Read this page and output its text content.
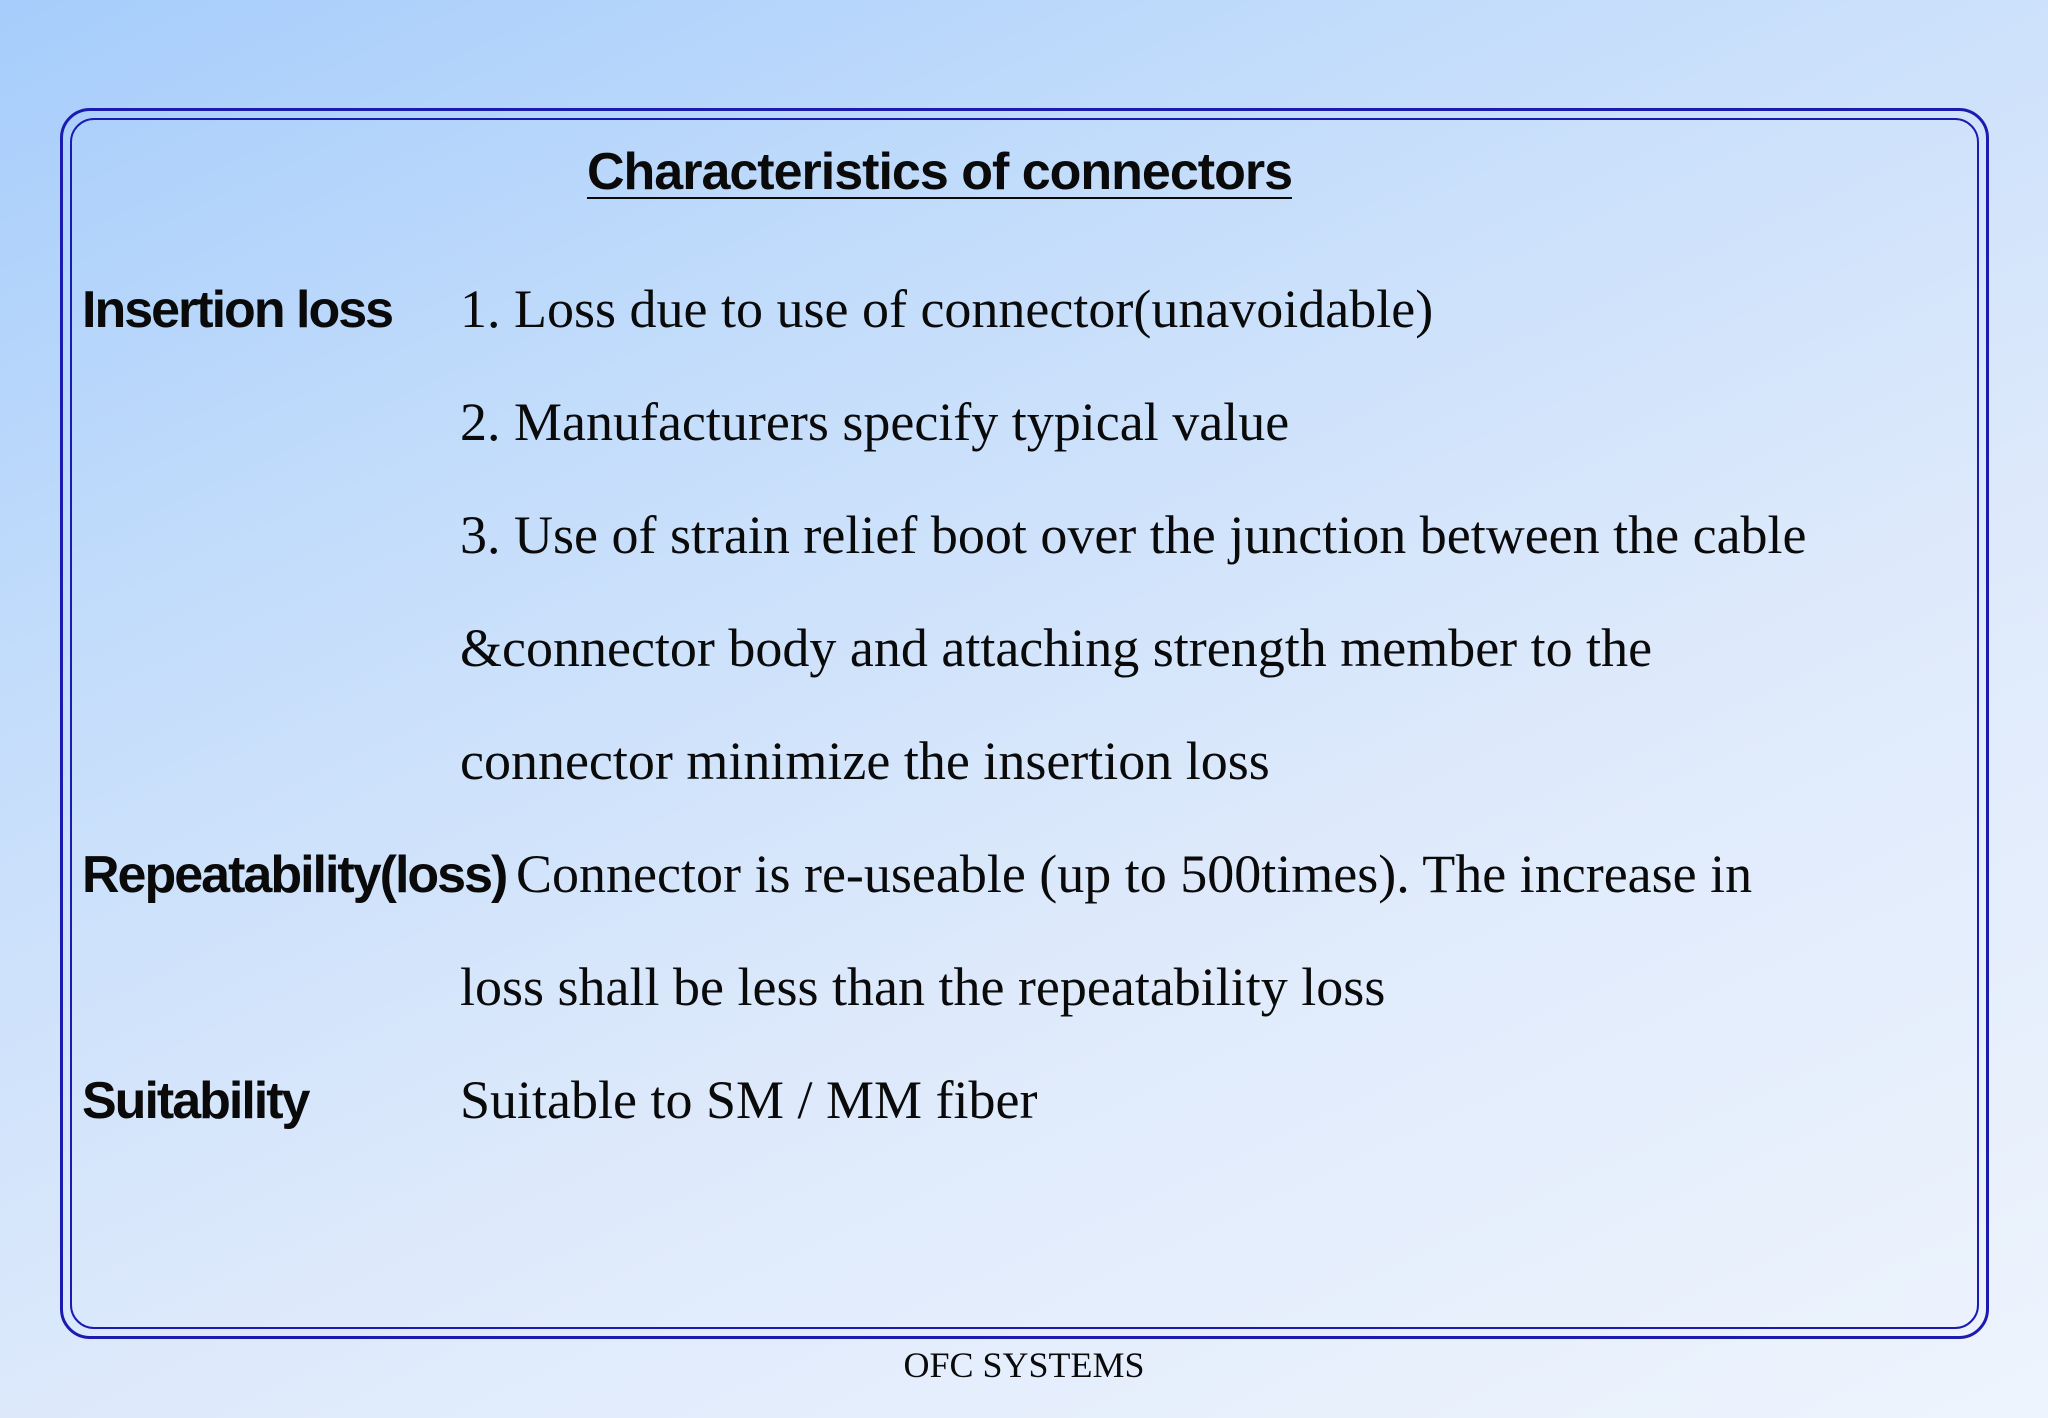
Characteristics of connectors
Insertion loss 1. Loss due to use of connector(unavoidable)
2. Manufacturers specify typical value
3. Use of strain relief boot over the junction between the cable
&connector body and attaching strength member to the
connector minimize the insertion loss
Repeatability(loss) Connector is re-useable (up to 500times). The increase in
loss shall be less than the repeatability loss
Suitability	Suitable to SM / MM fiber
OFC SYSTEMS
